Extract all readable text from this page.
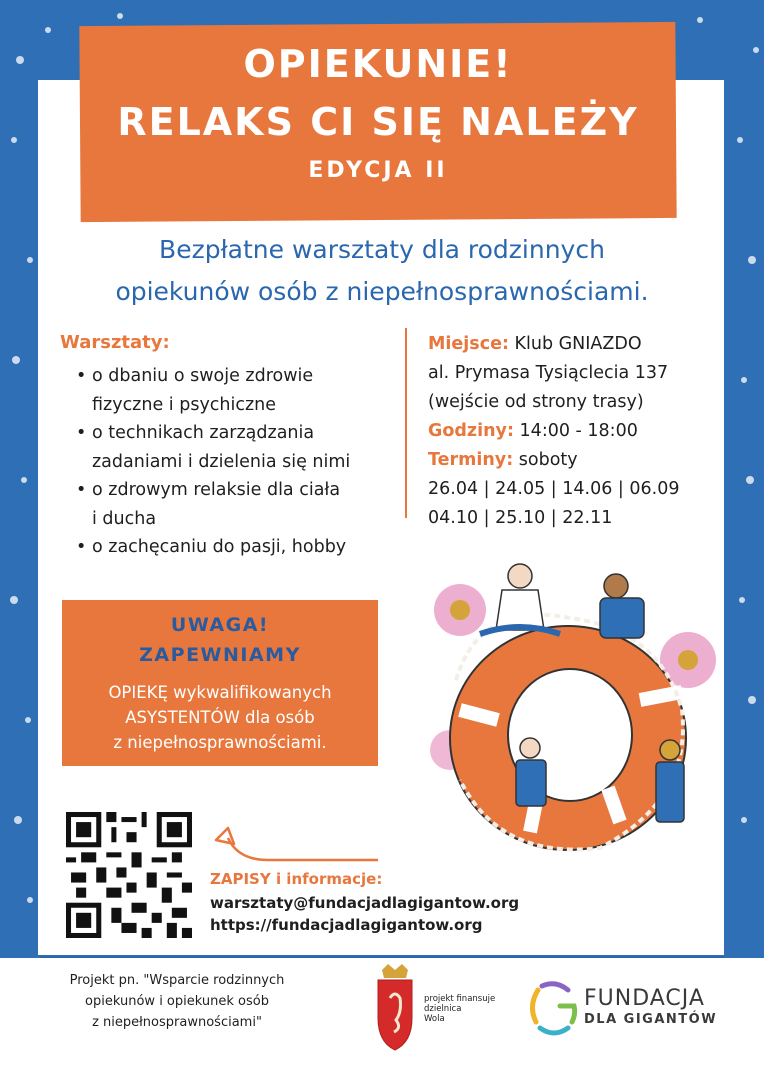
OPIEKUNIE!
RELAKS CI SIĘ NALEŻY
EDYCJA II
Bezpłatne warsztaty dla rodzinnych
opiekunów osób z niepełnosprawnościami.
Warsztaty:
• o dbaniu o swoje zdrowie
fizyczne i psychiczne
• o technikach zarządzania
zadaniami i dzielenia się nimi
• o zdrowym relaksie dla ciała
i ducha
• o zachęcaniu do pasji, hobby
Miejsce: Klub GNIAZDO
al. Prymasa Tysiąclecia 137
(wejście od strony trasy)
Godziny: 14:00 - 18:00
Terminy: soboty
26.04 | 24.05 | 14.06 | 06.09
04.10 | 25.10 | 22.11
UWAGA!
ZAPEWNIAMY
OPIEKĘ wykwalifikowanych
ASYSTENTÓW dla osób
z niepełnosprawnościami.
ZAPISY i informacje:
warsztaty@fundacjadlagigantow.org
https://fundacjadlagigantow.org
Projekt pn. "Wsparcie rodzinnych
opiekunów i opiekunek osób
z niepełnosprawnościami"
projekt finansuje
dzielnica
Wola
FUNDACJA
DLA GIGANTÓW
